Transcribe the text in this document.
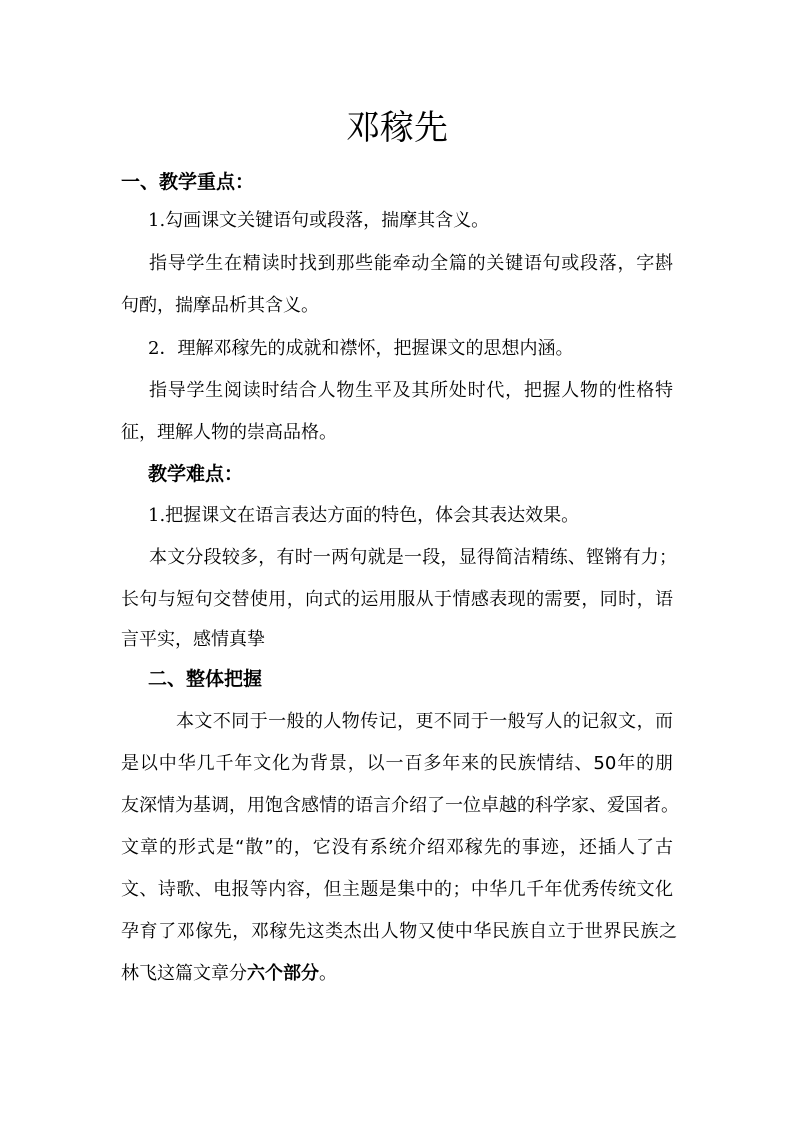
邓稼先

一、教学重点：

1.勾画课文关键语句或段落，揣摩其含义。

指导学生在精读时找到那些能牵动全篇的关键语句或段落，字斟

句酌，揣摩品析其含义。

2．理解邓稼先的成就和襟怀，把握课文的思想内涵。

指导学生阅读时结合人物生平及其所处时代，把握人物的性格特

征，理解人物的崇高品格。

教学难点：

1.把握课文在语言表达方面的特色，体会其表达效果。

本文分段较多，有时一两句就是一段，显得简洁精练、铿锵有力；

长句与短句交替使用，向式的运用服从于情感表现的需要，同时，语

言平实，感情真挚

二、整体把握

本文不同于一般的人物传记，更不同于一般写人的记叙文，而

是以中华几千年文化为背景，以一百多年来的民族情结、50年的朋

友深情为基调，用饱含感情的语言介绍了一位卓越的科学家、爱国者。

文章的形式是“散”的，它没有系统介绍邓稼先的事迹，还插人了古

文、诗歌、电报等内容，但主题是集中的；中华几千年优秀传统文化

孕育了邓傢先，邓稼先这类杰出人物又使中华民族自立于世界民族之

林飞这篇文章分六个部分。
